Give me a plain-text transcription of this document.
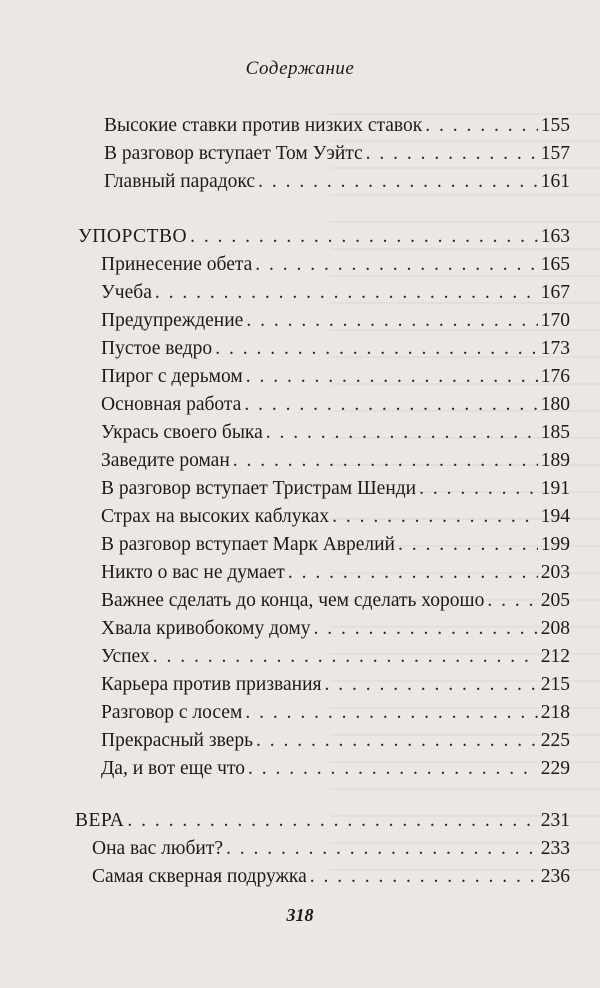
Содержание
Высокие ставки против низких ставок . . .	155
В разговор вступает Том Уэйтс . . .	157
Главный парадокс . . .	161
УПОРСТВО . . .	163
Принесение обета . . .	165
Учеба . . .	167
Предупреждение . . .	170
Пустое ведро . . .	173
Пирог с дерьмом . . .	176
Основная работа . . .	180
Укрась своего быка . . .	185
Заведите роман . . .	189
В разговор вступает Тристрам Шенди . . .	191
Страх на высоких каблуках . . .	194
В разговор вступает Марк Аврелий . . .	199
Никто о вас не думает . . .	203
Важнее сделать до конца, чем сделать хорошо . . .	205
Хвала кривобокому дому . . .	208
Успех . . .	212
Карьера против призвания . . .	215
Разговор с лосем . . .	218
Прекрасный зверь . . .	225
Да, и вот еще что . . .	229
ВЕРА . . .	231
Она вас любит? . . .	233
Самая скверная подружка . . .	236
318
